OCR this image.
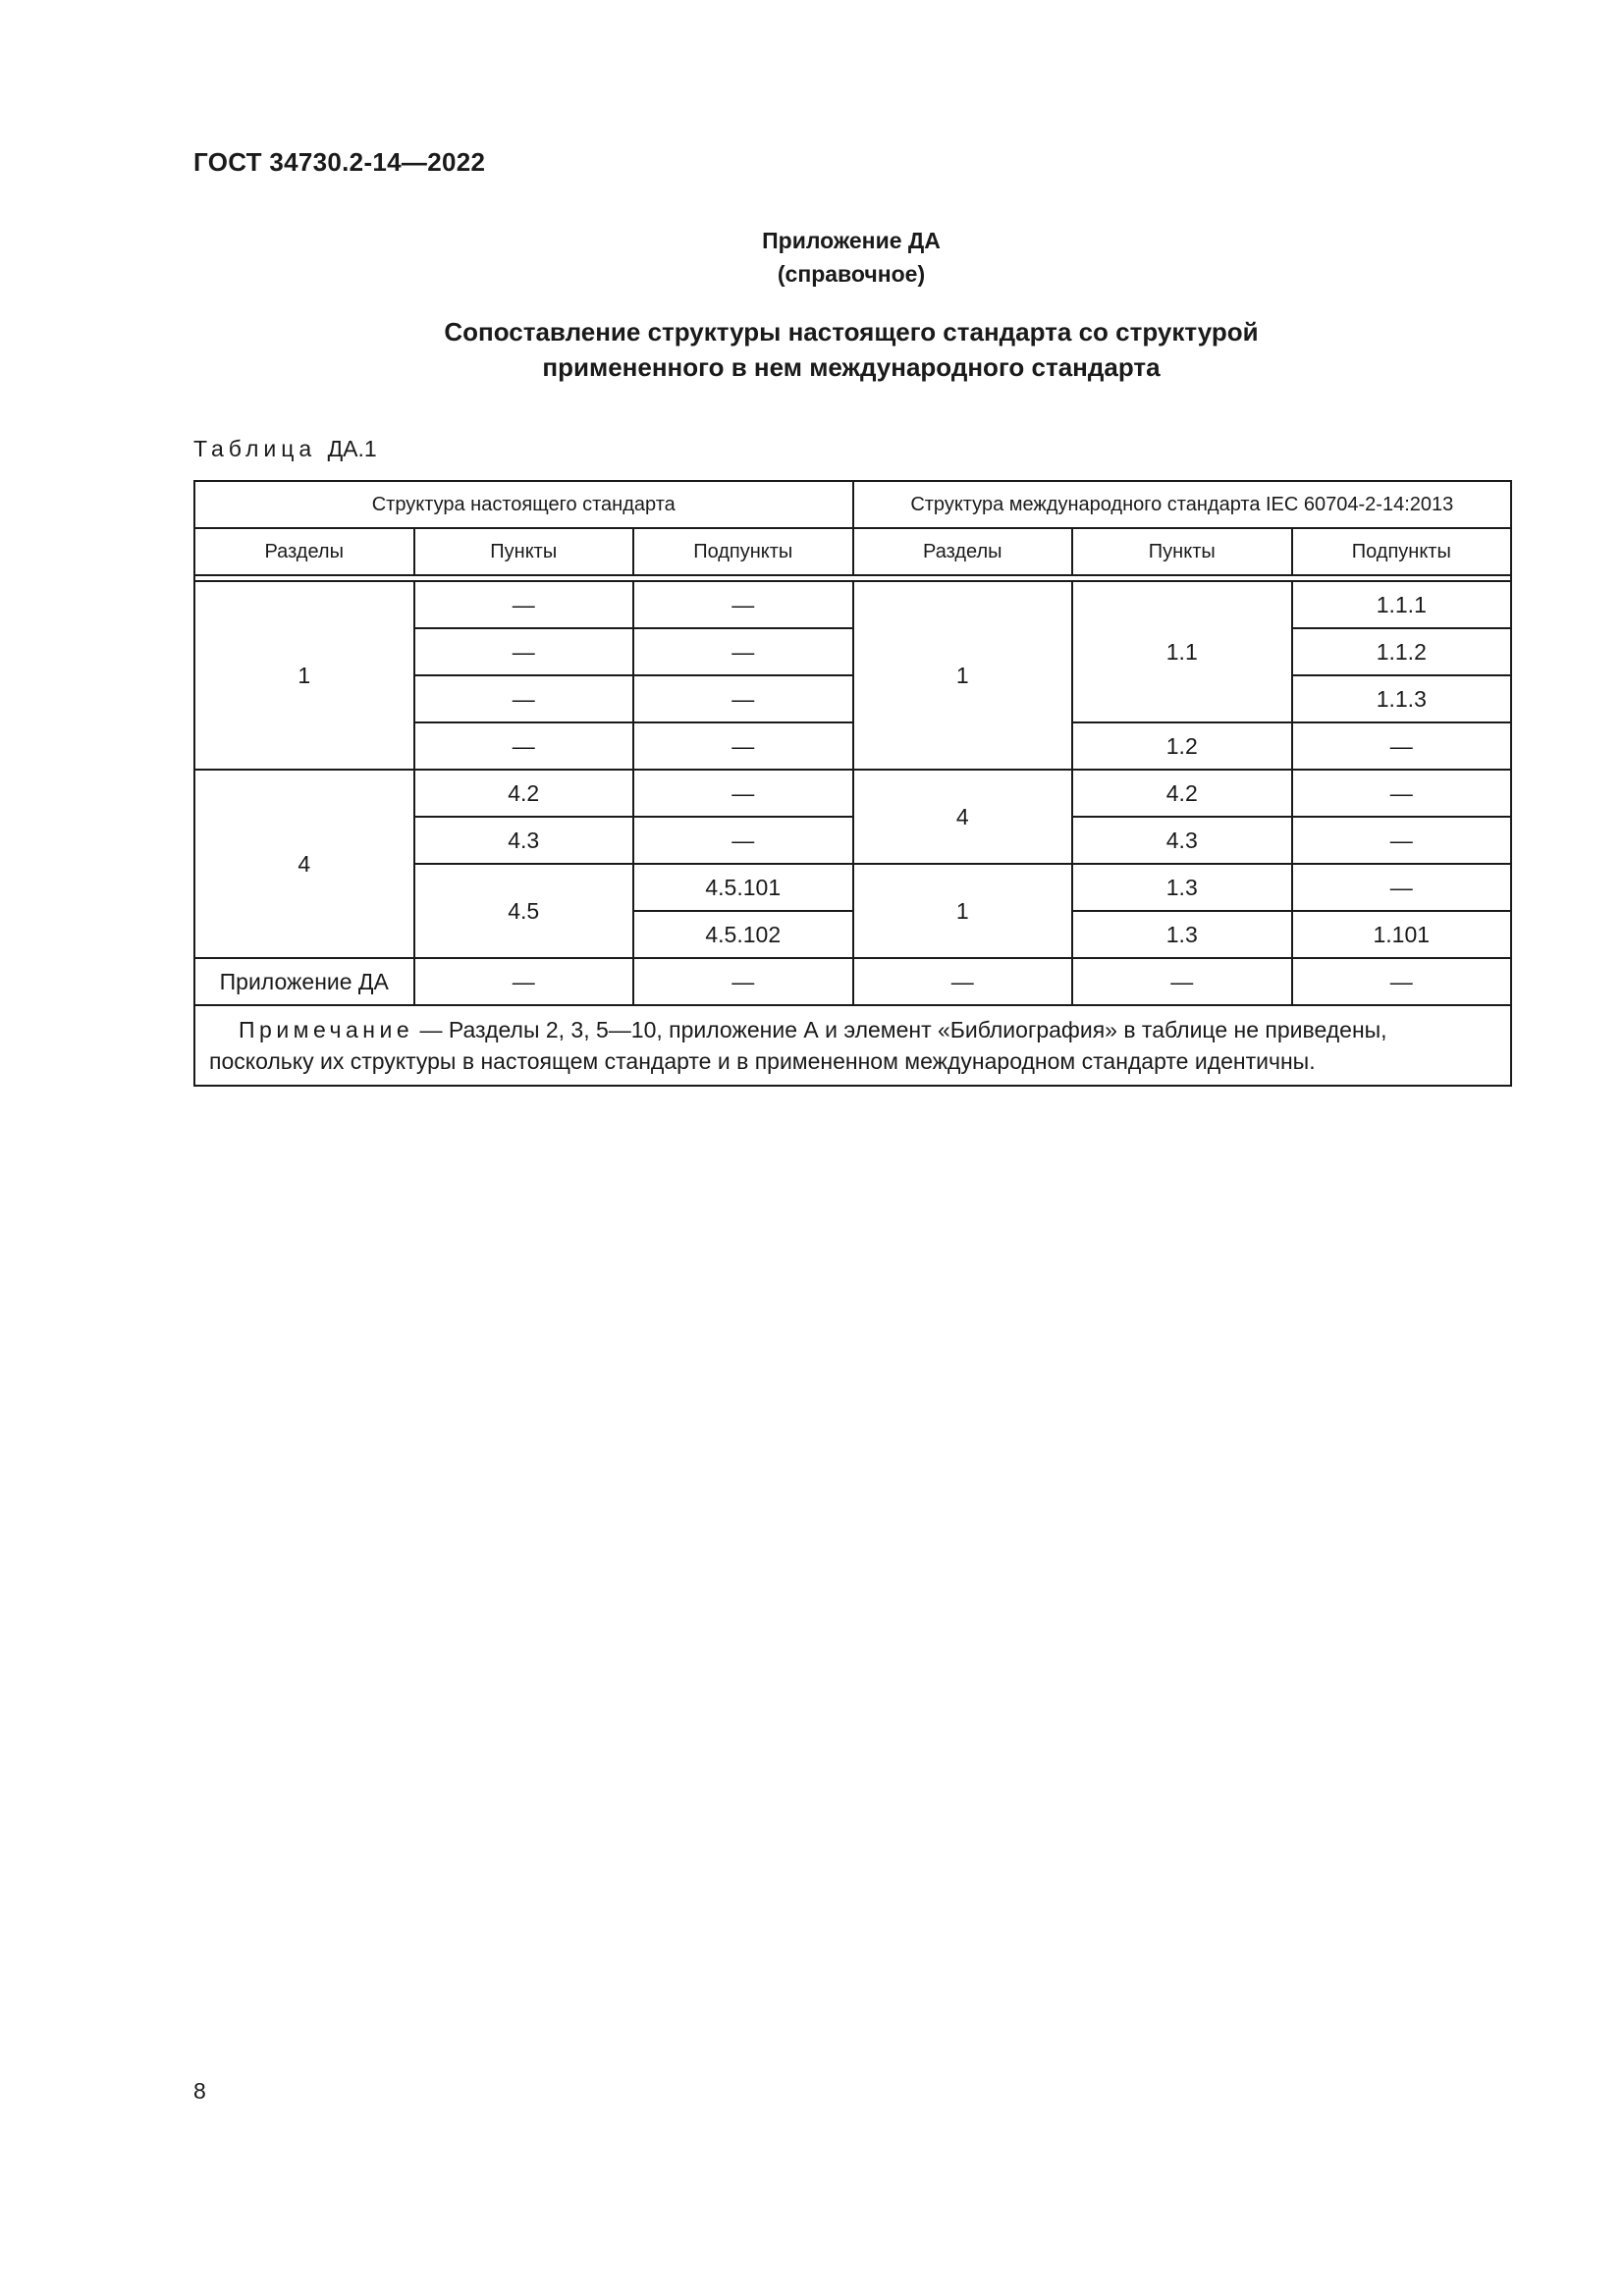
ГОСТ 34730.2-14—2022
Приложение ДА
(справочное)
Сопоставление структуры настоящего стандарта со структурой
примененного в нем международного стандарта
Таблица ДА.1
Структура настоящего стандарта			Структура международного стандарта IEC 60704-2-14:2013		
Разделы	Пункты	Подпункты	Разделы	Пункты	Подпункты

1	—	—	1	1.1	1.1.1
	—	—			1.1.2
	—	—			1.1.3
	—	—		1.2	—
4	4.2	—	4	4.2	—
	4.3	—		4.3	—
	4.5	4.5.101	1	1.3	—
		4.5.102		1.3	1.101
Приложение ДА	—	—	—	—	—
Примечание — Разделы 2, 3, 5—10, приложение А и элемент «Библиография» в таблице не приведены,
поскольку их структуры в настоящем стандарте и в примененном международном стандарте идентичны.					
8
